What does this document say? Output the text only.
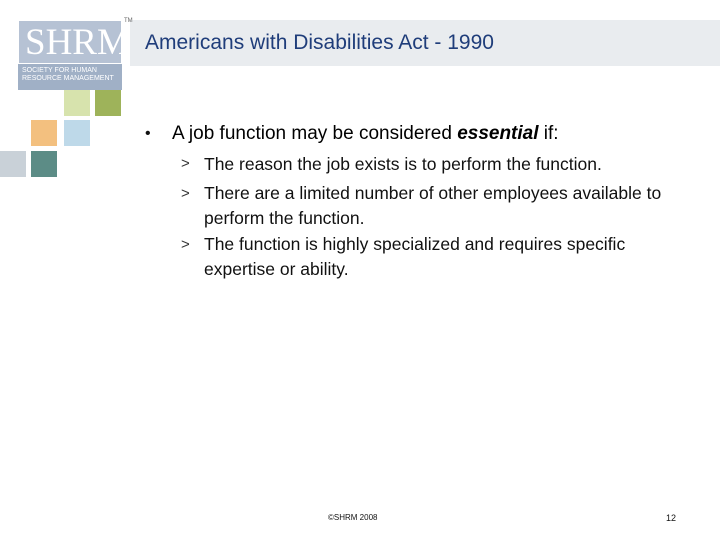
Americans with Disabilities Act - 1990
SHRM
TM
SOCIETY FOR HUMAN RESOURCE MANAGEMENT
• A job function may be considered essential if:
> The reason the job exists is to perform the function.
> There are a limited number of other employees available to perform the function.
> The function is highly specialized and requires specific expertise or ability.
©SHRM 2008	12
